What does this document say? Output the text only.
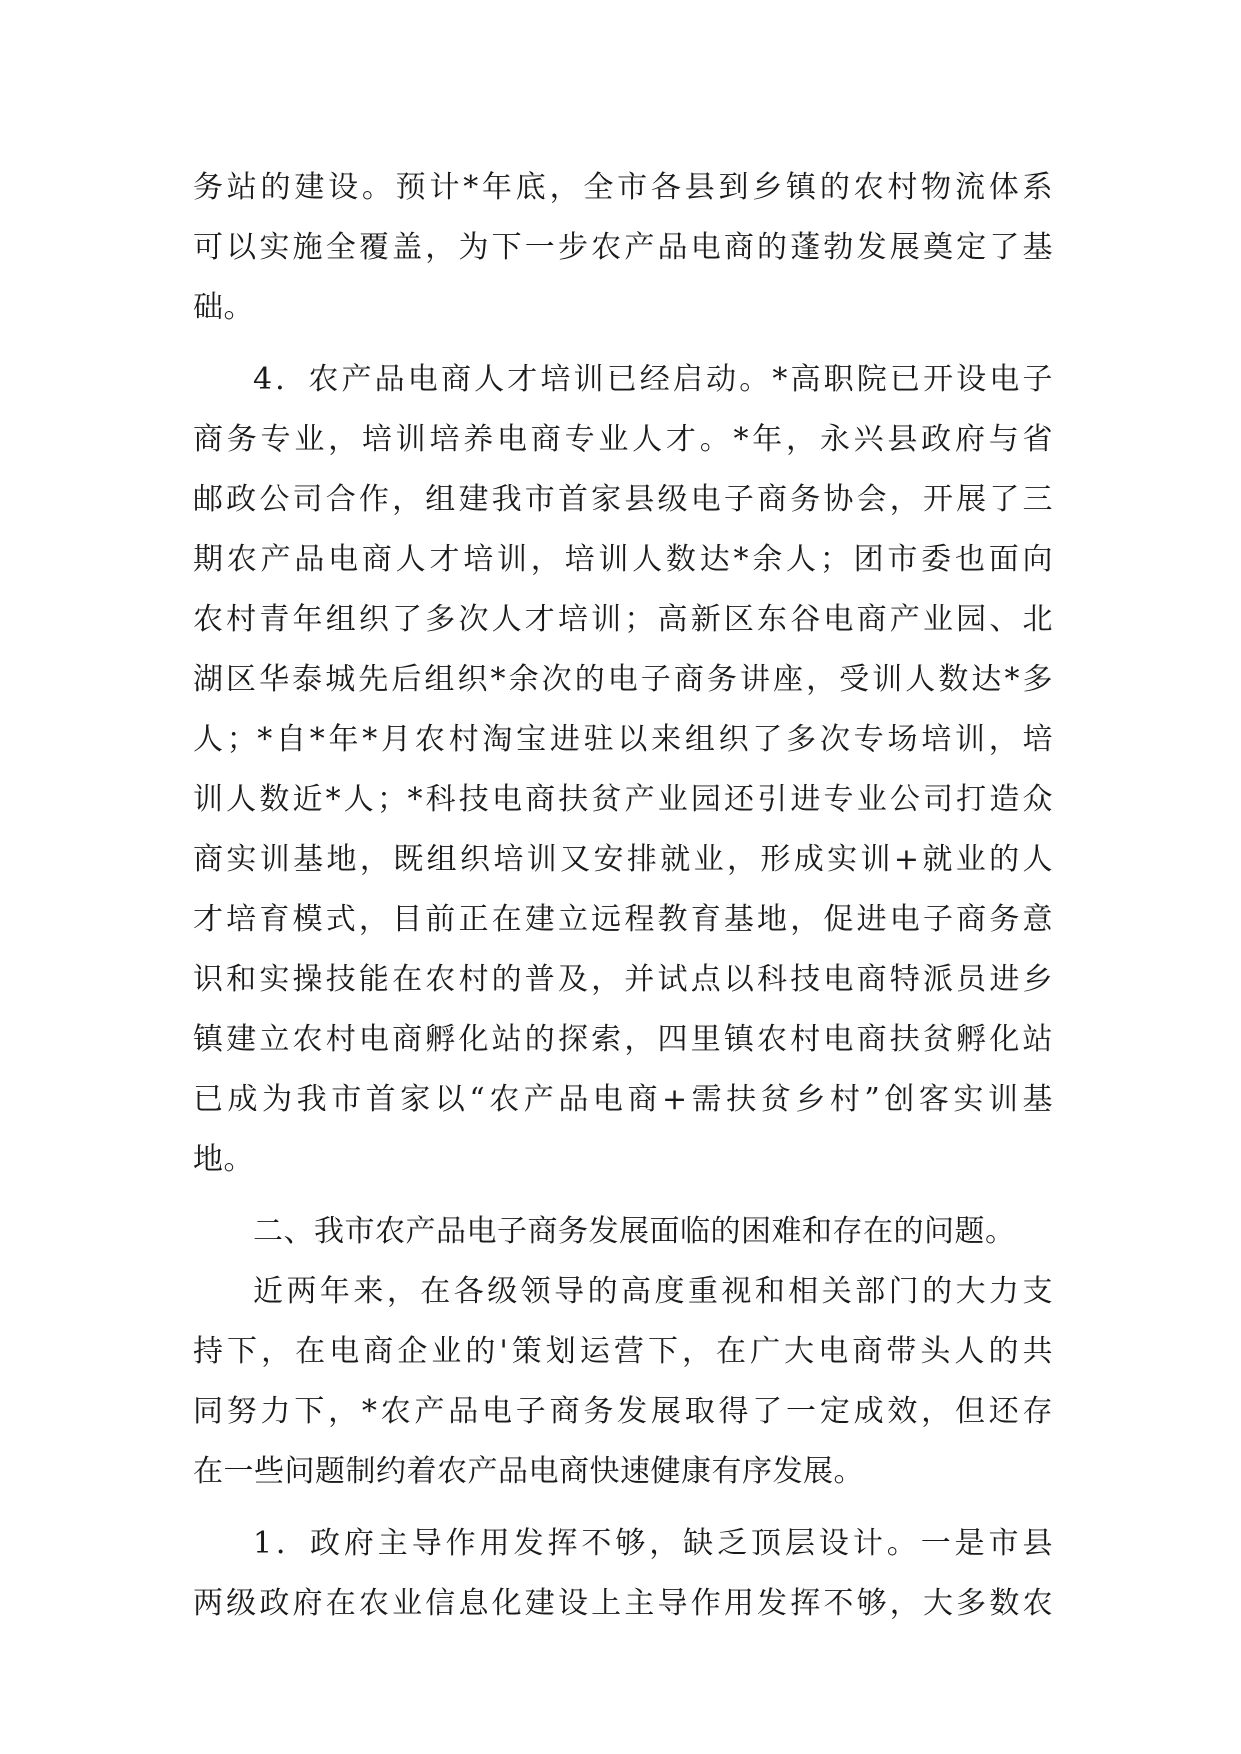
务站的建设。预计*年底，全市各县到乡镇的农村物流体系
可以实施全覆盖，为下一步农产品电商的蓬勃发展奠定了基
础。
4．农产品电商人才培训已经启动。*高职院已开设电子
商务专业，培训培养电商专业人才。*年，永兴县政府与省
邮政公司合作，组建我市首家县级电子商务协会，开展了三
期农产品电商人才培训，培训人数达*余人；团市委也面向
农村青年组织了多次人才培训；高新区东谷电商产业园、北
湖区华泰城先后组织*余次的电子商务讲座，受训人数达*多
人；*自*年*月农村淘宝进驻以来组织了多次专场培训，培
训人数近*人；*科技电商扶贫产业园还引进专业公司打造众
商实训基地，既组织培训又安排就业，形成实训+就业的人
才培育模式，目前正在建立远程教育基地，促进电子商务意
识和实操技能在农村的普及，并试点以科技电商特派员进乡
镇建立农村电商孵化站的探索，四里镇农村电商扶贫孵化站
已成为我市首家以“农产品电商+需扶贫乡村”创客实训基
地。
二、我市农产品电子商务发展面临的困难和存在的问题。
近两年来，在各级领导的高度重视和相关部门的大力支
持下，在电商企业的'策划运营下，在广大电商带头人的共
同努力下，*农产品电子商务发展取得了一定成效，但还存
在一些问题制约着农产品电商快速健康有序发展。
1．政府主导作用发挥不够，缺乏顶层设计。一是市县
两级政府在农业信息化建设上主导作用发挥不够，大多数农
